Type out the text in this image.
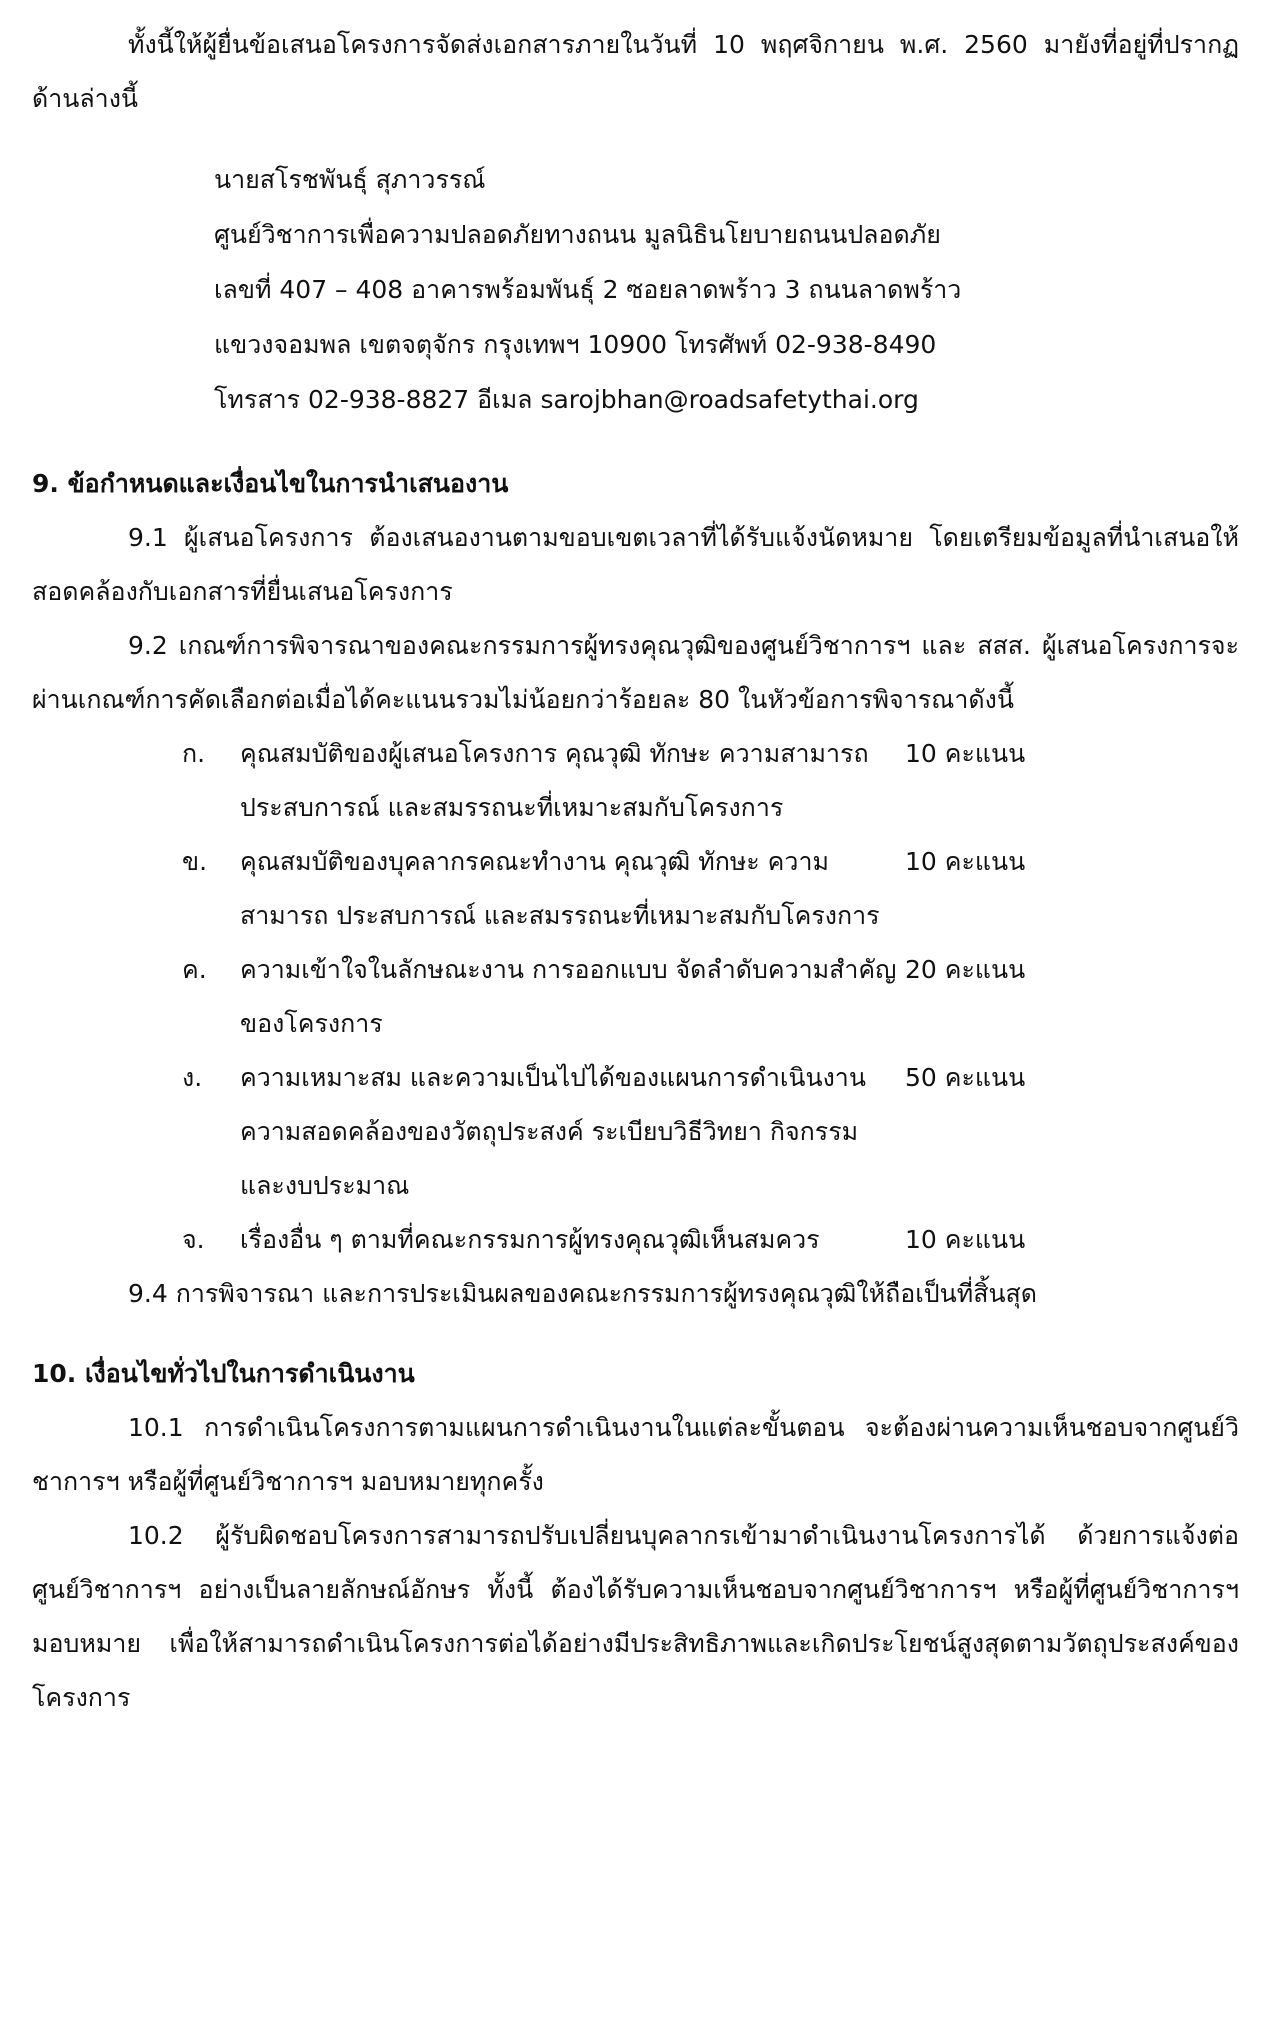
ทั้งนี้ให้ผู้ยื่นข้อเสนอโครงการจัดส่งเอกสารภายในวันที่ 10 พฤศจิกายน พ.ศ. 2560 มายังที่อยู่ที่ปรากฏด้านล่างนี้

นายสโรชพันธุ์ สุภาวรรณ์
ศูนย์วิชาการเพื่อความปลอดภัยทางถนน มูลนิธินโยบายถนนปลอดภัย
เลขที่ 407 – 408 อาคารพร้อมพันธุ์ 2 ซอยลาดพร้าว 3 ถนนลาดพร้าว
แขวงจอมพล เขตจตุจักร กรุงเทพฯ 10900 โทรศัพท์ 02-938-8490
โทรสาร 02-938-8827 อีเมล sarojbhan@roadsafetythai.org

9. ข้อกำหนดและเงื่อนไขในการนำเสนองาน

9.1 ผู้เสนอโครงการ ต้องเสนองานตามขอบเขตเวลาที่ได้รับแจ้งนัดหมาย โดยเตรียมข้อมูลที่นำเสนอให้สอดคล้องกับเอกสารที่ยื่นเสนอโครงการ

9.2 เกณฑ์การพิจารณาของคณะกรรมการผู้ทรงคุณวุฒิของศูนย์วิชาการฯ และ สสส. ผู้เสนอโครงการจะผ่านเกณฑ์การคัดเลือกต่อเมื่อได้คะแนนรวมไม่น้อยกว่าร้อยละ 80 ในหัวข้อการพิจารณาดังนี้

ก.	คุณสมบัติของผู้เสนอโครงการ คุณวุฒิ ทักษะ ความสามารถ ประสบการณ์ และสมรรถนะที่เหมาะสมกับโครงการ	10 คะแนน
ข.	คุณสมบัติของบุคลากรคณะทำงาน คุณวุฒิ ทักษะ ความสามารถ ประสบการณ์ และสมรรถนะที่เหมาะสมกับโครงการ	10 คะแนน
ค.	ความเข้าใจในลักษณะงาน การออกแบบ จัดลำดับความสำคัญของโครงการ	20 คะแนน
ง.	ความเหมาะสม และความเป็นไปได้ของแผนการดำเนินงาน ความสอดคล้องของวัตถุประสงค์ ระเบียบวิธีวิทยา กิจกรรม และงบประมาณ	50 คะแนน
จ.	เรื่องอื่น ๆ ตามที่คณะกรรมการผู้ทรงคุณวุฒิเห็นสมควร	10 คะแนน

9.4 การพิจารณา และการประเมินผลของคณะกรรมการผู้ทรงคุณวุฒิให้ถือเป็นที่สิ้นสุด

10. เงื่อนไขทั่วไปในการดำเนินงาน

10.1 การดำเนินโครงการตามแผนการดำเนินงานในแต่ละขั้นตอน จะต้องผ่านความเห็นชอบจากศูนย์วิชาการฯ หรือผู้ที่ศูนย์วิชาการฯ มอบหมายทุกครั้ง

10.2 ผู้รับผิดชอบโครงการสามารถปรับเปลี่ยนบุคลากรเข้ามาดำเนินงานโครงการได้ ด้วยการแจ้งต่อศูนย์วิชาการฯ อย่างเป็นลายลักษณ์อักษร ทั้งนี้ ต้องได้รับความเห็นชอบจากศูนย์วิชาการฯ หรือผู้ที่ศูนย์วิชาการฯ มอบหมาย เพื่อให้สามารถดำเนินโครงการต่อได้อย่างมีประสิทธิภาพและเกิดประโยชน์สูงสุดตามวัตถุประสงค์ของโครงการ
